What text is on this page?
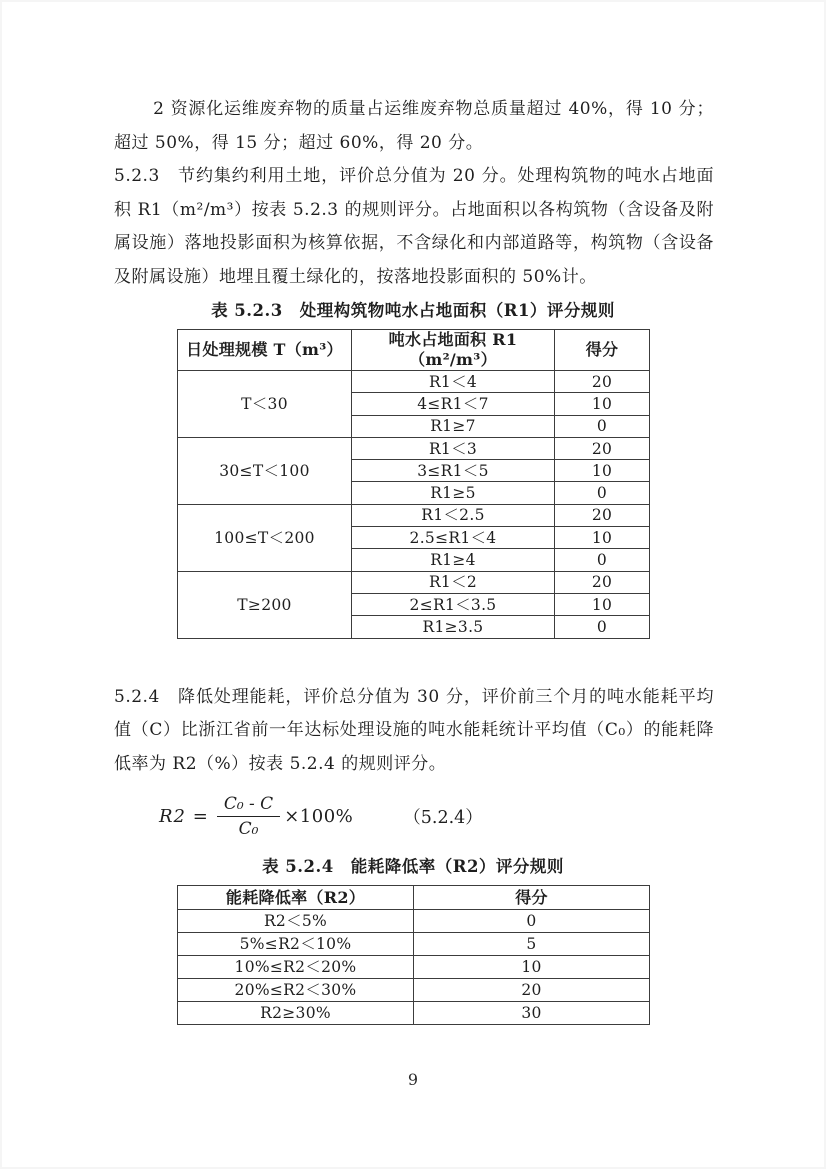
2 资源化运维废弃物的质量占运维废弃物总质量超过 40%，得 10 分；超过 50%，得 15 分；超过 60%，得 20 分。

5.2.3　节约集约利用土地，评价总分值为 20 分。处理构筑物的吨水占地面积 R1（m²/m³）按表 5.2.3 的规则评分。占地面积以各构筑物（含设备及附属设施）落地投影面积为核算依据，不含绿化和内部道路等，构筑物（含设备及附属设施）地埋且覆土绿化的，按落地投影面积的 50%计。

表 5.2.3　处理构筑物吨水占地面积（R1）评分规则

日处理规模 T（m³）	吨水占地面积 R1（m²/m³）	得分
T＜30	R1＜4	20
	4≤R1＜7	10
	R1≥7	0
30≤T＜100	R1＜3	20
	3≤R1＜5	10
	R1≥5	0
100≤T＜200	R1＜2.5	20
	2.5≤R1＜4	10
	R1≥4	0
T≥200	R1＜2	20
	2≤R1＜3.5	10
	R1≥3.5	0

5.2.4　降低处理能耗，评价总分值为 30 分，评价前三个月的吨水能耗平均值（C）比浙江省前一年达标处理设施的吨水能耗统计平均值（C₀）的能耗降低率为 R2（%）按表 5.2.4 的规则评分。

$R2 = \frac{\text{C₀ - C}}{\text{C₀}} \times 100\%$	（5.2.4）

表 5.2.4　能耗降低率（R2）评分规则

能耗降低率（R2）	得分
R2＜5%	0
5%≤R2＜10%	5
10%≤R2＜20%	10
20%≤R2＜30%	20
R2≥30%	30
9
